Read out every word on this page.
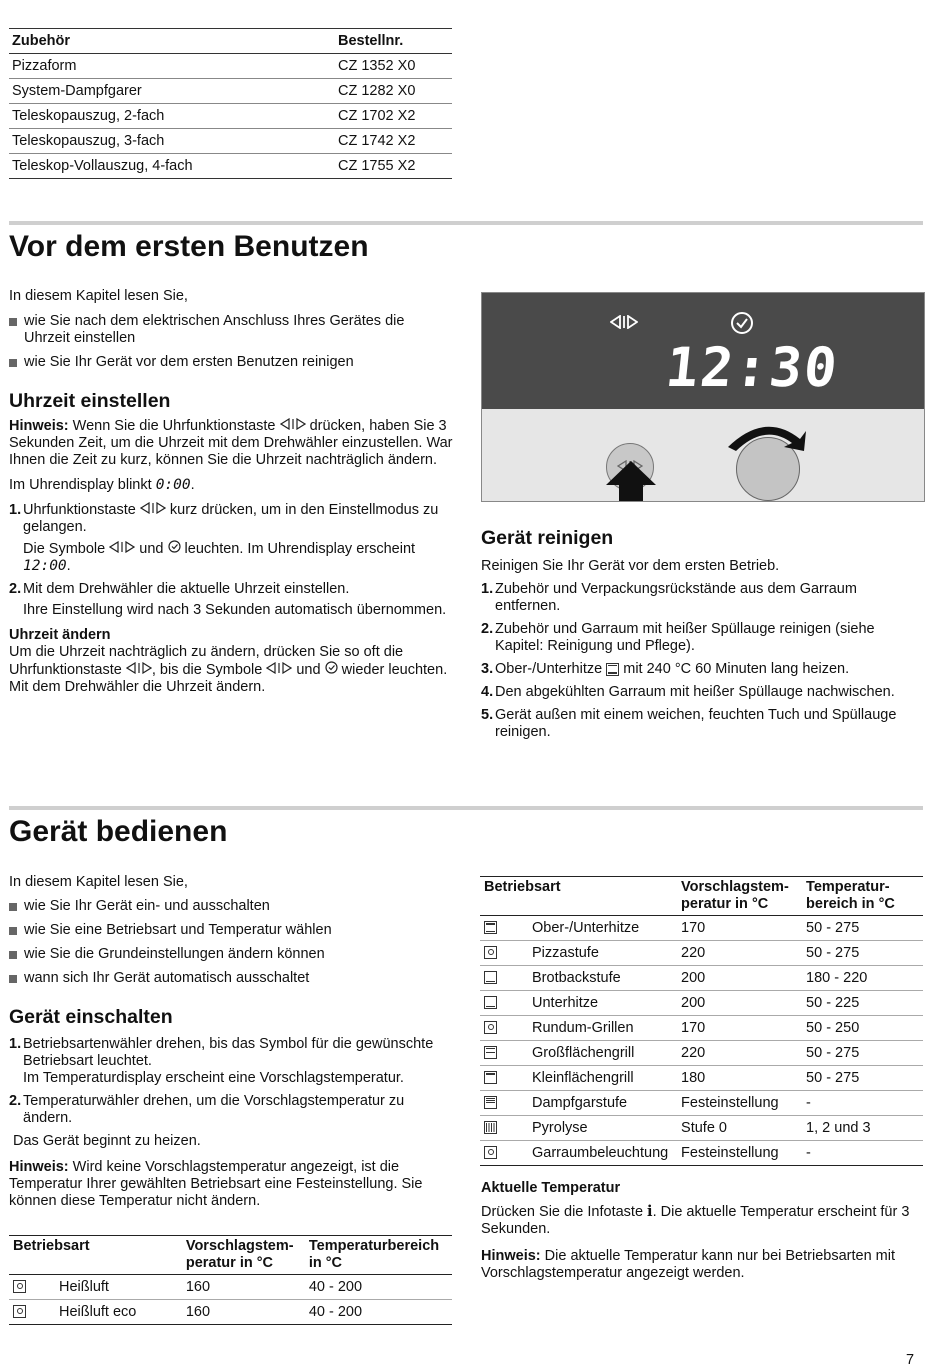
Zubehör	Bestellnr.
Pizzaform	CZ 1352 X0
System-Dampfgarer	CZ 1282 X0
Teleskopauszug, 2-fach	CZ 1702 X2
Teleskopauszug, 3-fach	CZ 1742 X2
Teleskop-Vollauszug, 4-fach	CZ 1755 X2
Vor dem ersten Benutzen

In diesem Kapitel lesen Sie,

wie Sie nach dem elektrischen Anschluss Ihres Gerätes die Uhrzeit einstellen
wie Sie Ihr Gerät vor dem ersten Benutzen reinigen
Uhrzeit einstellen

Hinweis: Wenn Sie die Uhrfunktionstaste drücken, haben Sie 3 Sekunden Zeit, um die Uhrzeit mit dem Drehwähler einzustellen. War Ihnen die Zeit zu kurz, können Sie die Uhrzeit nachträglich ändern.

Im Uhrendisplay blinkt 0:00.

1. Uhrfunktionstaste kurz drücken, um in den Einstellmodus zu gelangen.
Die Symbole und leuchten. Im Uhrendisplay erscheint 12:00.
2. Mit dem Drehwähler die aktuelle Uhrzeit einstellen.
Ihre Einstellung wird nach 3 Sekunden automatisch übernommen.
Uhrzeit ändern

Um die Uhrzeit nachträglich zu ändern, drücken Sie so oft die Uhrfunktionstaste , bis die Symbole und wieder leuchten. Mit dem Drehwähler die Uhrzeit ändern.

12:30
Gerät reinigen

Reinigen Sie Ihr Gerät vor dem ersten Betrieb.

1. Zubehör und Verpackungsrückstände aus dem Garraum entfernen.
2. Zubehör und Garraum mit heißer Spüllauge reinigen (siehe Kapitel: Reinigung und Pflege).
3. Ober-/Unterhitze mit 240 °C 60 Minuten lang heizen.
4. Den abgekühlten Garraum mit heißer Spüllauge nachwischen.
5. Gerät außen mit einem weichen, feuchten Tuch und Spüllauge reinigen.
Gerät bedienen

In diesem Kapitel lesen Sie,

wie Sie Ihr Gerät ein- und ausschalten
wie Sie eine Betriebsart und Temperatur wählen
wie Sie die Grundeinstellungen ändern können
wann sich Ihr Gerät automatisch ausschaltet
Gerät einschalten
1. Betriebsartenwähler drehen, bis das Symbol für die gewünschte Betriebsart leuchtet.
Im Temperaturdisplay erscheint eine Vorschlagstemperatur.
2. Temperaturwähler drehen, um die Vorschlagstemperatur zu ändern.

Das Gerät beginnt zu heizen.

Hinweis: Wird keine Vorschlagstemperatur angezeigt, ist die Temperatur Ihrer gewählten Betriebsart eine Festeinstellung. Sie können diese Temperatur nicht ändern.

Betriebsart		Vorschlagstemperatur in °C	Temperaturbereich in °C
	Heißluft	160	40 - 200
	Heißluft eco	160	40 - 200
Betriebsart		Vorschlagstemperatur in °C	Temperaturbereich in °C
	Ober-/Unterhitze	170	50 - 275
	Pizzastufe	220	50 - 275
	Brotbackstufe	200	180 - 220
	Unterhitze	200	50 - 225
	Rundum-Grillen	170	50 - 250
	Großflächengrill	220	50 - 275
	Kleinflächengrill	180	50 - 275
	Dampfgarstufe	Festeinstellung	-
	Pyrolyse	Stufe 0	1, 2 und 3
	Garraumbeleuchtung	Festeinstellung	-
Aktuelle Temperatur

Drücken Sie die Infotaste i. Die aktuelle Temperatur erscheint für 3 Sekunden.

Hinweis: Die aktuelle Temperatur kann nur bei Betriebsarten mit Vorschlagstemperatur angezeigt werden.

7
